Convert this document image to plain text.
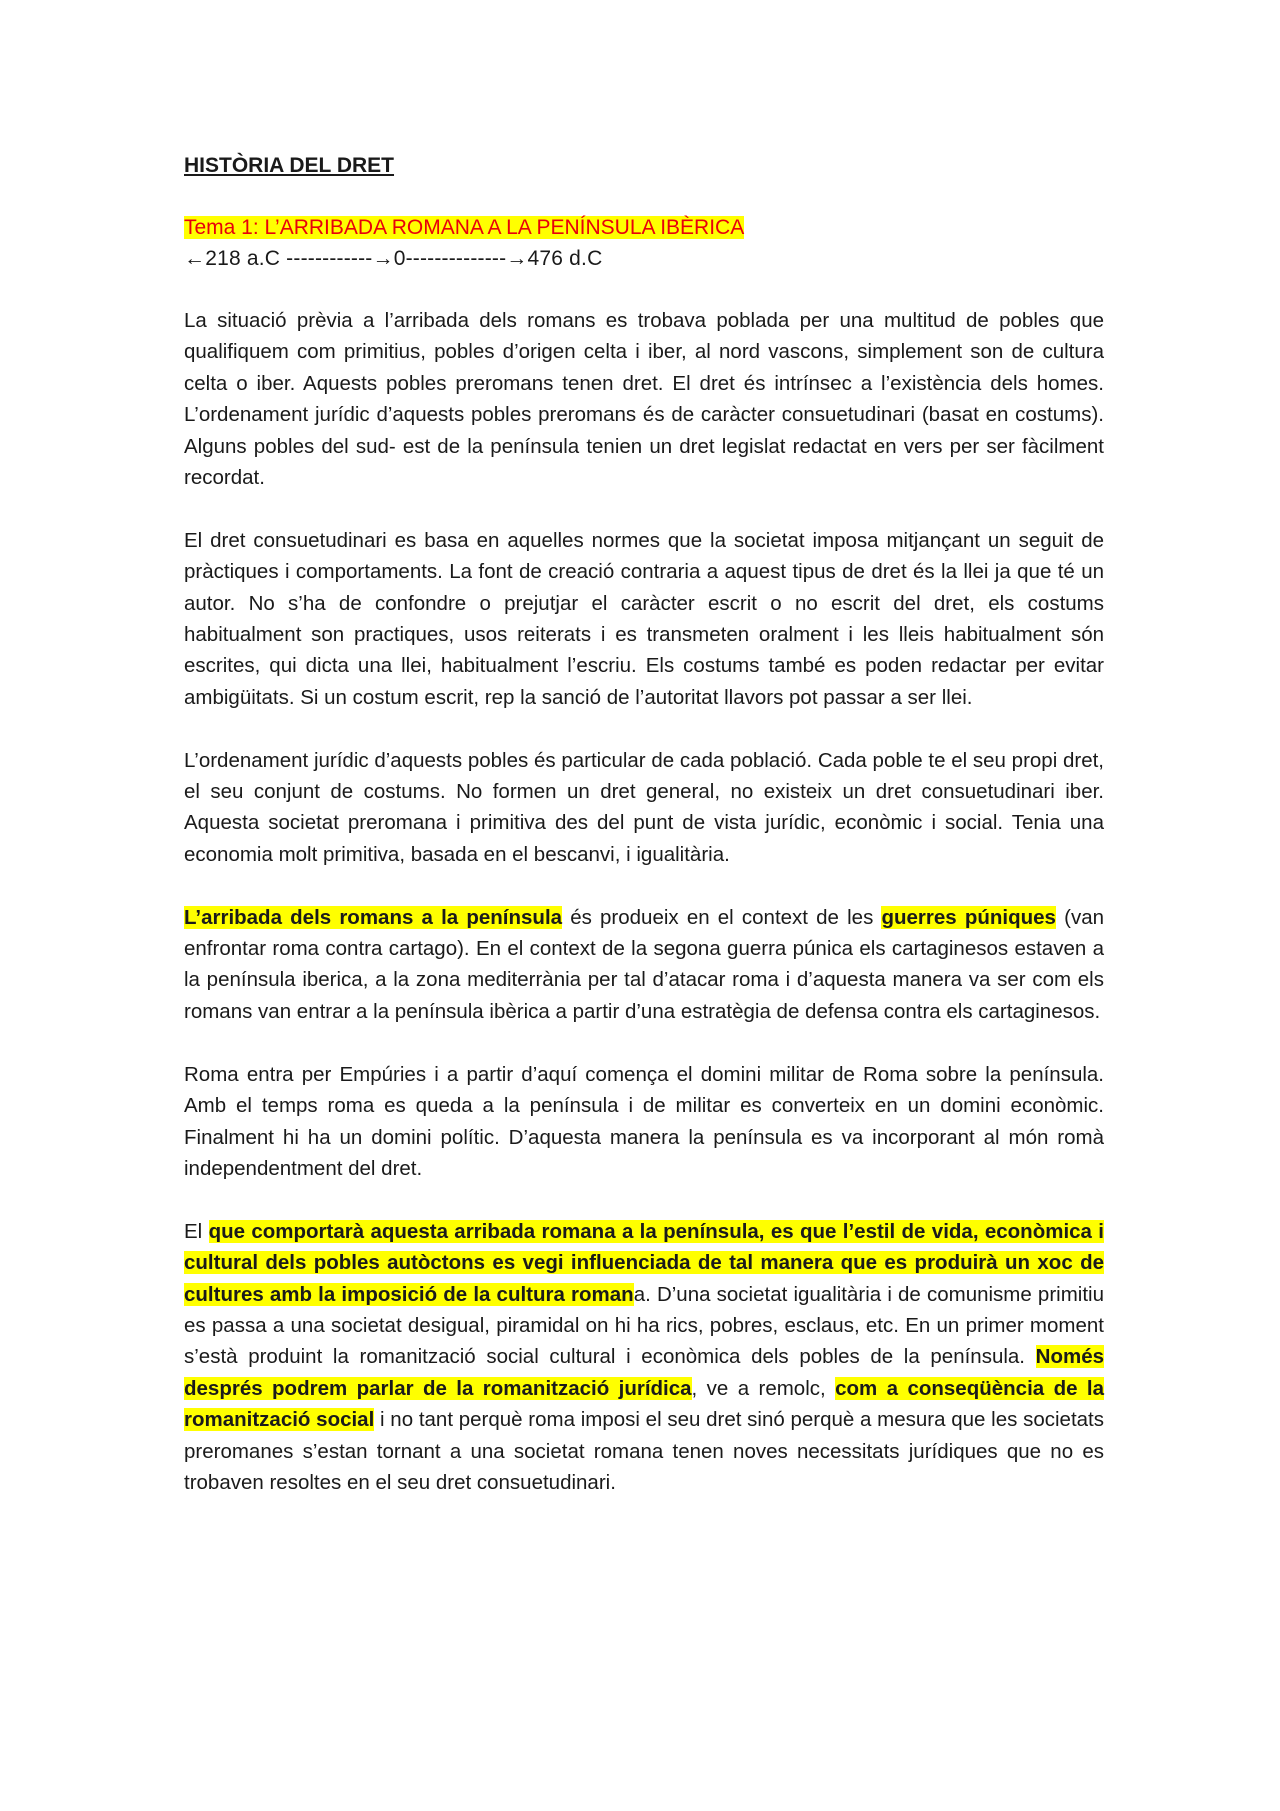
HISTÒRIA DEL DRET
Tema 1: L’ARRIBADA ROMANA A LA PENÍNSULA IBÈRICA
←218 a.C ------------→0--------------→476 d.C

La situació prèvia a l’arribada dels romans es trobava poblada per una multitud de pobles que qualifiquem com primitius, pobles d’origen celta i iber, al nord vascons, simplement son de cultura celta o iber. Aquests pobles preromans tenen dret. El dret és intrínsec a l’existència dels homes. L’ordenament jurídic d’aquests pobles preromans és de caràcter consuetudinari (basat en costums). Alguns pobles del sud- est de la península tenien un dret legislat redactat en vers per ser fàcilment recordat.

El dret consuetudinari es basa en aquelles normes que la societat imposa mitjançant un seguit de pràctiques i comportaments. La font de creació contraria a aquest tipus de dret és la llei ja que té un autor. No s’ha de confondre o prejutjar el caràcter escrit o no escrit del dret, els costums habitualment son practiques, usos reiterats i es transmeten oralment i les lleis habitualment són escrites, qui dicta una llei, habitualment l’escriu. Els costums també es poden redactar per evitar ambigüitats. Si un costum escrit, rep la sanció de l’autoritat llavors pot passar a ser llei.

L’ordenament jurídic d’aquests pobles és particular de cada població. Cada poble te el seu propi dret, el seu conjunt de costums. No formen un dret general, no existeix un dret consuetudinari iber. Aquesta societat preromana i primitiva des del punt de vista jurídic, econòmic i social. Tenia una economia molt primitiva, basada en el bescanvi, i igualitària.

L’arribada dels romans a la península és produeix en el context de les guerres púniques (van enfrontar roma contra cartago). En el context de la segona guerra púnica els cartaginesos estaven a la península iberica, a la zona mediterrània per tal d’atacar roma i d’aquesta manera va ser com els romans van entrar a la península ibèrica a partir d’una estratègia de defensa contra els cartaginesos.

Roma entra per Empúries i a partir d’aquí comença el domini militar de Roma sobre la península. Amb el temps roma es queda a la península i de militar es converteix en un domini econòmic. Finalment hi ha un domini polític. D’aquesta manera la península es va incorporant al món romà independentment del dret.

El que comportarà aquesta arribada romana a la península, es que l’estil de vida, econòmica i cultural dels pobles autòctons es vegi influenciada de tal manera que es produirà un xoc de cultures amb la imposició de la cultura romana. D’una societat igualitària i de comunisme primitiu es passa a una societat desigual, piramidal on hi ha rics, pobres, esclaus, etc. En un primer moment s’està produint la romanització social cultural i econòmica dels pobles de la península. Només després podrem parlar de la romanització jurídica, ve a remolc, com a conseqüència de la romanització social i no tant perquè roma imposi el seu dret sinó perquè a mesura que les societats preromanes s’estan tornant a una societat romana tenen noves necessitats jurídiques que no es trobaven resoltes en el seu dret consuetudinari.
